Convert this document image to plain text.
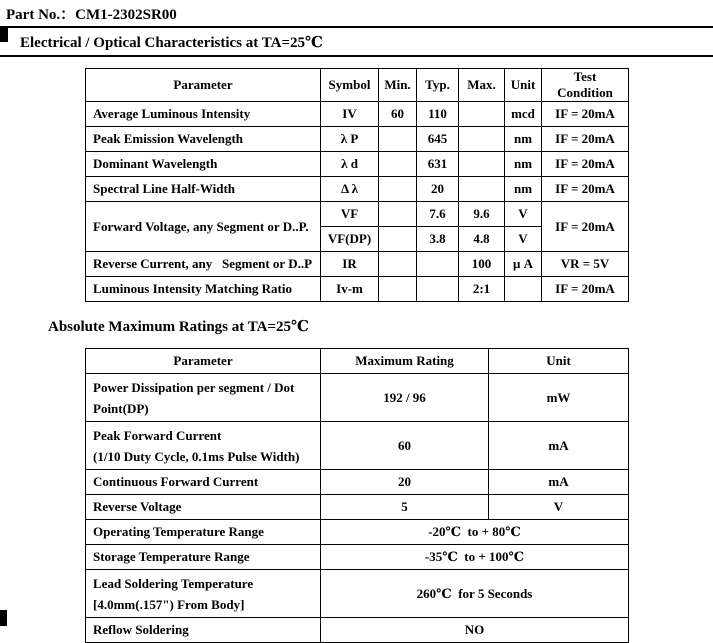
Part No.：CM1-2302SR00
Electrical / Optical Characteristics at TA=25℃
Parameter	Symbol	Min.	Typ.	Max.	Unit	Test Condition
Average Luminous Intensity	IV	60	110		mcd	IF = 20mA
Peak Emission Wavelength	λ P		645		nm	IF = 20mA
Dominant Wavelength	λ d		631		nm	IF = 20mA
Spectral Line Half-Width	Δ λ		20		nm	IF = 20mA
Forward Voltage, any Segment or D..P.	VF		7.6	9.6	V	IF = 20mA
	VF(DP)		3.8	4.8	V	
Reverse Current, any   Segment or D..P	IR			100	μ A	VR = 5V
Luminous Intensity Matching Ratio	Iv-m			2:1		IF = 20mA
Absolute Maximum Ratings at TA=25℃
Parameter	Maximum Rating	Unit

Power Dissipation per segment / Dot
Point(DP)	192 / 96	mW

Peak Forward Current
(1/10 Duty Cycle, 0.1ms Pulse Width)	60	mA
Continuous Forward Current	20	mA
Reverse Voltage	5	V
Operating Temperature Range	-20℃  to + 80℃	
Storage Temperature Range	-35℃  to + 100℃	

Lead Soldering Temperature
[4.0mm(.157") From Body]	260℃  for 5 Seconds	
Reflow Soldering	NO	
